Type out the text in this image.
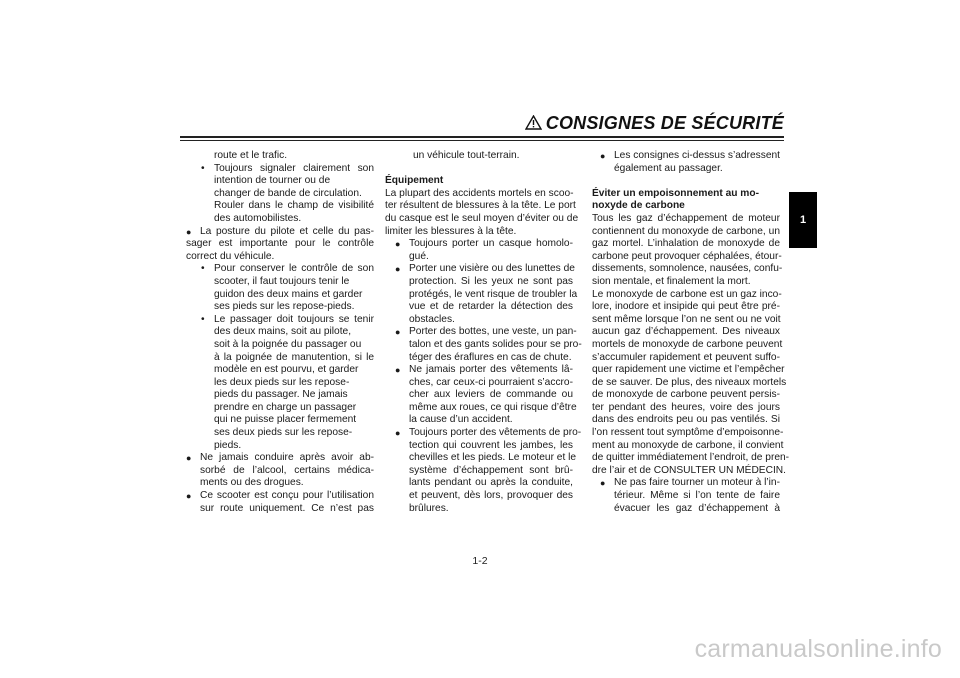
CONSIGNES DE SÉCURITÉ
1
route et le trafic.
• Toujours signaler clairement son
intention de tourner ou de
changer de bande de circulation.
Rouler dans le champ de visibilité
des automobilistes.
● La posture du pilote et celle du pas-
sager est importante pour le contrôle
correct du véhicule.
• Pour conserver le contrôle de son
scooter, il faut toujours tenir le
guidon des deux mains et garder
ses pieds sur les repose-pieds.
• Le passager doit toujours se tenir
des deux mains, soit au pilote,
soit à la poignée du passager ou
à la poignée de manutention, si le
modèle en est pourvu, et garder
les deux pieds sur les repose-
pieds du passager. Ne jamais
prendre en charge un passager
qui ne puisse placer fermement
ses deux pieds sur les repose-
pieds.
● Ne jamais conduire après avoir ab-
sorbé de l’alcool, certains médica-
ments ou des drogues.
● Ce scooter est conçu pour l’utilisation
sur route uniquement. Ce n’est pas
un véhicule tout-terrain.
Équipement
La plupart des accidents mortels en scoo-
ter résultent de blessures à la tête. Le port
du casque est le seul moyen d’éviter ou de
limiter les blessures à la tête.
● Toujours porter un casque homolo-
gué.
● Porter une visière ou des lunettes de
protection. Si les yeux ne sont pas
protégés, le vent risque de troubler la
vue et de retarder la détection des
obstacles.
● Porter des bottes, une veste, un pan-
talon et des gants solides pour se pro-
téger des éraflures en cas de chute.
● Ne jamais porter des vêtements lâ-
ches, car ceux-ci pourraient s’accro-
cher aux leviers de commande ou
même aux roues, ce qui risque d’être
la cause d’un accident.
● Toujours porter des vêtements de pro-
tection qui couvrent les jambes, les
chevilles et les pieds. Le moteur et le
système d’échappement sont brû-
lants pendant ou après la conduite,
et peuvent, dès lors, provoquer des
brûlures.
● Les consignes ci-dessus s’adressent
également au passager.
Éviter un empoisonnement au mo-
noxyde de carbone
Tous les gaz d’échappement de moteur
contiennent du monoxyde de carbone, un
gaz mortel. L’inhalation de monoxyde de
carbone peut provoquer céphalées, étour-
dissements, somnolence, nausées, confu-
sion mentale, et finalement la mort.
Le monoxyde de carbone est un gaz inco-
lore, inodore et insipide qui peut être pré-
sent même lorsque l’on ne sent ou ne voit
aucun gaz d’échappement. Des niveaux
mortels de monoxyde de carbone peuvent
s’accumuler rapidement et peuvent suffo-
quer rapidement une victime et l’empêcher
de se sauver. De plus, des niveaux mortels
de monoxyde de carbone peuvent persis-
ter pendant des heures, voire des jours
dans des endroits peu ou pas ventilés. Si
l’on ressent tout symptôme d’empoisonne-
ment au monoxyde de carbone, il convient
de quitter immédiatement l’endroit, de pren-
dre l’air et de CONSULTER UN MÉDECIN.
● Ne pas faire tourner un moteur à l’in-
térieur. Même si l’on tente de faire
évacuer les gaz d’échappement à
1-2
carmanualsonline.info
